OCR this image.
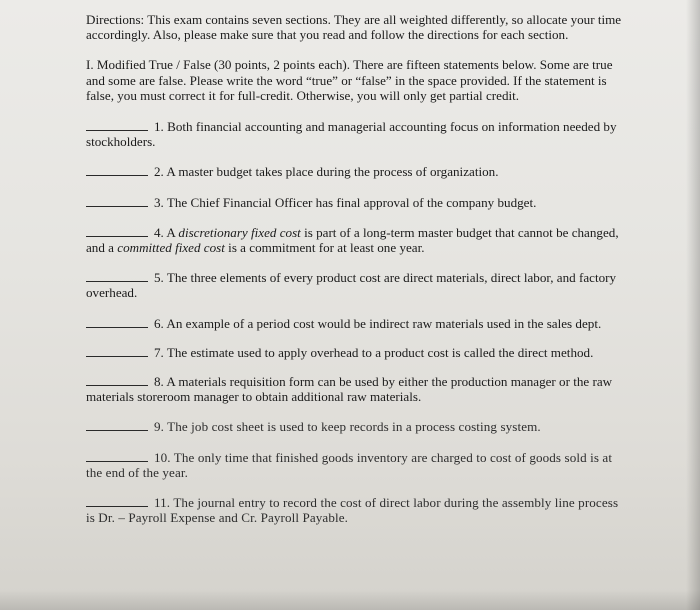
Directions: This exam contains seven sections. They are all weighted differently, so allocate your time accordingly. Also, please make sure that you read and follow the directions for each section.

I. Modified True / False (30 points, 2 points each). There are fifteen statements below. Some are true and some are false. Please write the word “true” or “false” in the space provided. If the statement is false, you must correct it for full-credit. Otherwise, you will only get partial credit.

1. Both financial accounting and managerial accounting focus on information needed by stockholders.

2. A master budget takes place during the process of organization.

3. The Chief Financial Officer has final approval of the company budget.

4. A discretionary fixed cost is part of a long-term master budget that cannot be changed, and a committed fixed cost is a commitment for at least one year.

5. The three elements of every product cost are direct materials, direct labor, and factory overhead.

6. An example of a period cost would be indirect raw materials used in the sales dept.

7. The estimate used to apply overhead to a product cost is called the direct method.

8. A materials requisition form can be used by either the production manager or the raw materials storeroom manager to obtain additional raw materials.

9. The job cost sheet is used to keep records in a process costing system.

10. The only time that finished goods inventory are charged to cost of goods sold is at the end of the year.

11. The journal entry to record the cost of direct labor during the assembly line process is Dr. – Payroll Expense and Cr. Payroll Payable.
